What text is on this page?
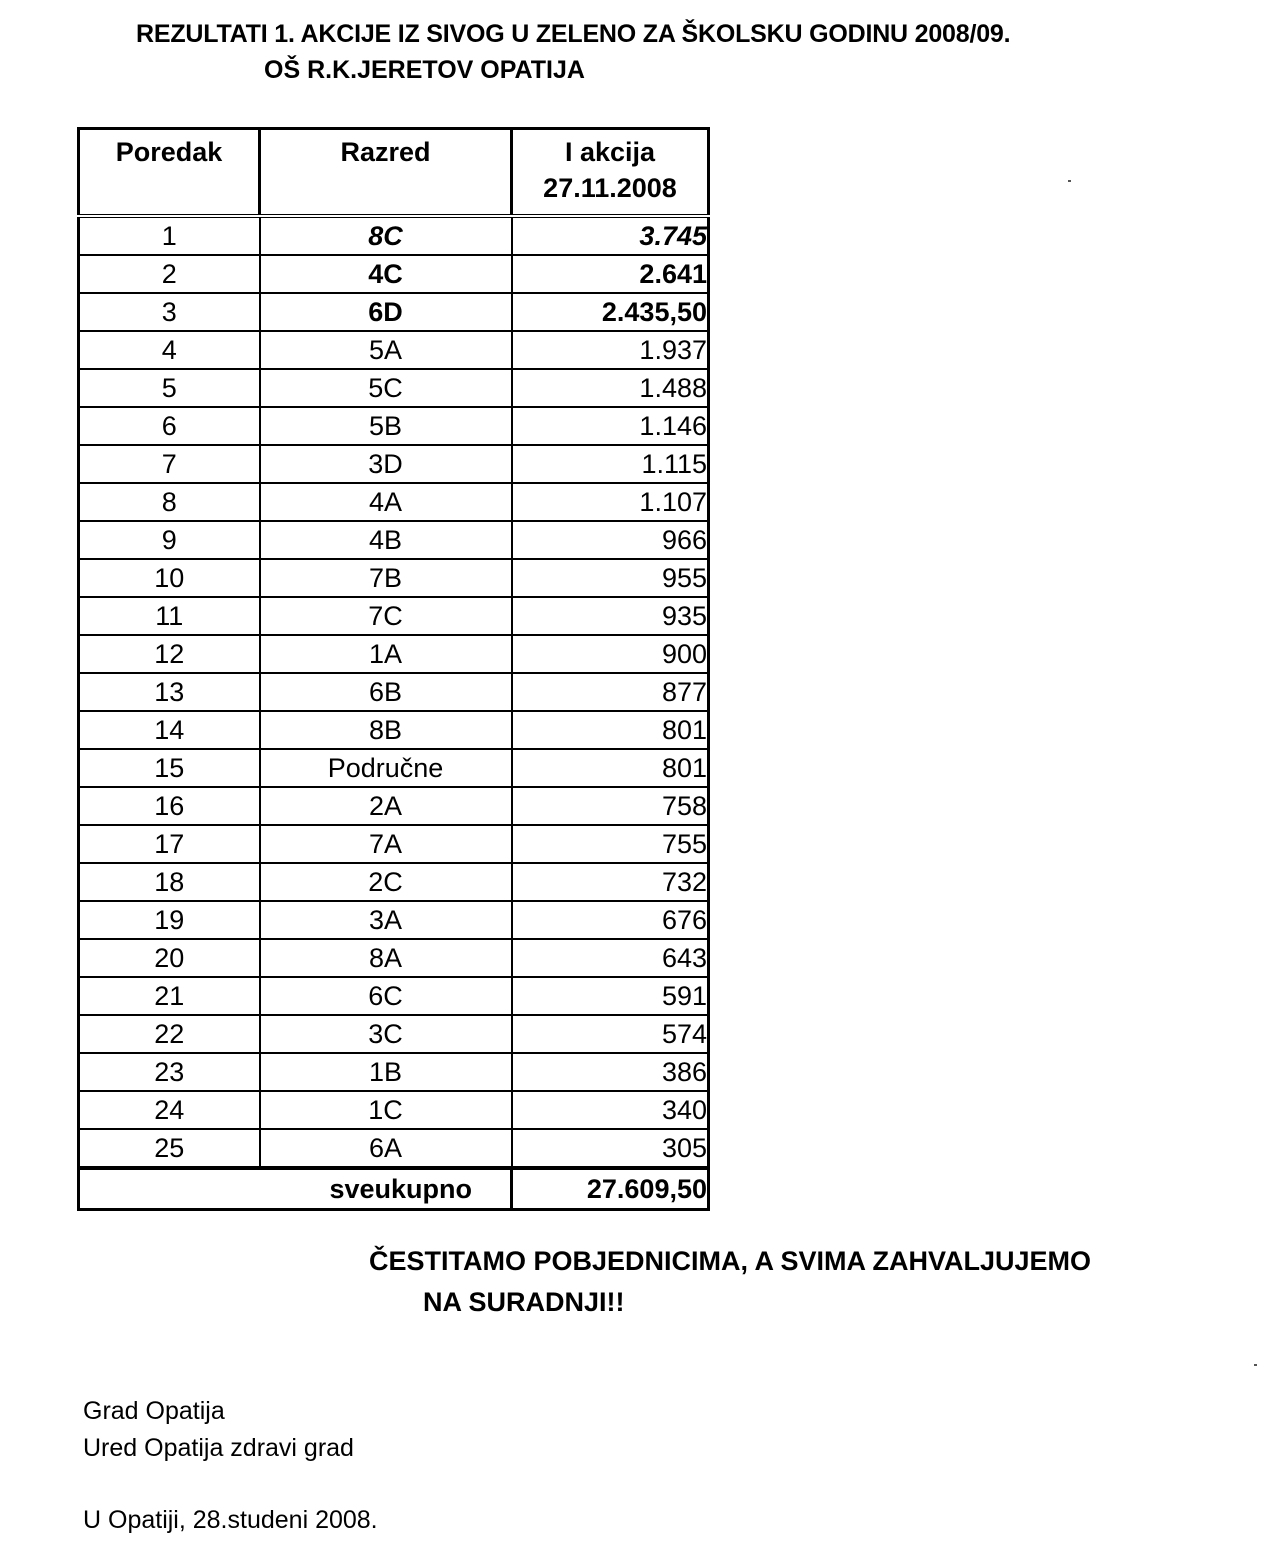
REZULTATI 1. AKCIJE IZ SIVOG U ZELENO ZA ŠKOLSKU GODINU 2008/09.
OŠ R.K.JERETOV OPATIJA
Poredak	Razred	I akcija
27.11.2008
1	8C	3.745
2	4C	2.641
3	6D	2.435,50
4	5A	1.937
5	5C	1.488
6	5B	1.146
7	3D	1.115
8	4A	1.107
9	4B	966
10	7B	955
11	7C	935
12	1A	900
13	6B	877
14	8B	801
15	Područne	801
16	2A	758
17	7A	755
18	2C	732
19	3A	676
20	8A	643
21	6C	591
22	3C	574
23	1B	386
24	1C	340
25	6A	305
sveukupno		27.609,50
ČESTITAMO POBJEDNICIMA, A SVIMA ZAHVALJUJEMO
NA SURADNJI!!
Grad Opatija
Ured Opatija zdravi grad
U Opatiji, 28.studeni 2008.
